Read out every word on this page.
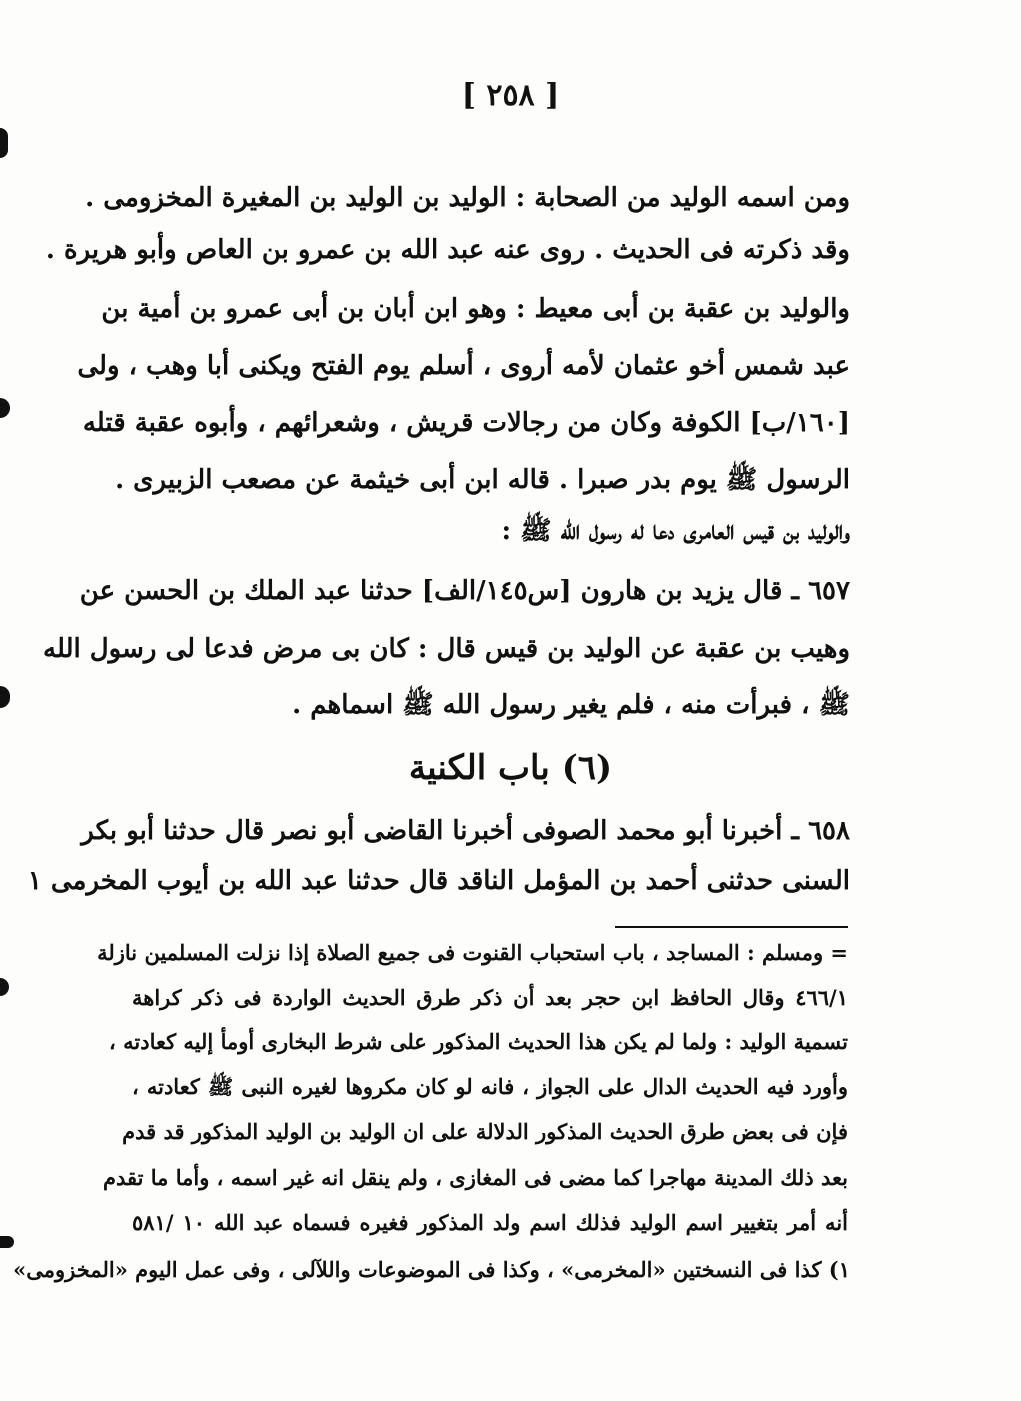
[ ٢٥٨ ]
ومن اسمه الوليد من الصحابة : الوليد بن الوليد بن المغيرة المخزومى .
وقد ذكرته فى الحديث . روى عنه عبد الله بن عمرو بن العاص وأبو هريرة .
والوليد بن عقبة بن أبى معيط : وهو ابن أبان بن أبى عمرو بن أمية بن
عبد شمس أخو عثمان لأمه أروى ، أسلم يوم الفتح ويكنى أبا وهب ، ولى
[١٦٠/ب] الكوفة وكان من رجالات قريش ، وشعرائهم ، وأبوه عقبة قتله
الرسول ﷺ يوم بدر صبرا . قاله ابن أبى خيثمة عن مصعب الزبيرى .
والوليد بن قيس العامرى دعا له رسول الله ﷺ :
٦٥٧ ـ قال يزيد بن هارون [س١٤٥/الف] حدثنا عبد الملك بن الحسن عن
وهيب بن عقبة عن الوليد بن قيس قال : كان بى مرض فدعا لى رسول الله
ﷺ ، فبرأت منه ، فلم يغير رسول الله ﷺ اسماهم .
(٦) باب الكنية
٦٥٨ ـ أخبرنا أبو محمد الصوفى أخبرنا القاضى أبو نصر قال حدثنا أبو بكر
السنى حدثنى أحمد بن المؤمل الناقد قال حدثنا عبد الله بن أيوب المخرمى ١
= ومسلم : المساجد ، باب استحباب القنوت فى جميع الصلاة إذا نزلت المسلمين نازلة
٤٦٦/١ وقال الحافظ ابن حجر بعد أن ذكر طرق الحديث الواردة فى ذكر كراهة
تسمية الوليد : ولما لم يكن هذا الحديث المذكور على شرط البخارى أومأ إليه كعادته ،
وأورد فيه الحديث الدال على الجواز ، فانه لو كان مكروها لغيره النبى ﷺ كعادته ،
فإن فى بعض طرق الحديث المذكور الدلالة على ان الوليد بن الوليد المذكور قد قدم
بعد ذلك المدينة مهاجرا كما مضى فى المغازى ، ولم ينقل انه غير اسمه ، وأما ما تقدم
أنه أمر بتغيير اسم الوليد فذلك اسم ولد المذكور فغيره فسماه عبد الله ١٠ /٥٨١
١) كذا فى النسختين «المخرمى» ، وكذا فى الموضوعات واللآلى ، وفى عمل اليوم «المخزومى»
